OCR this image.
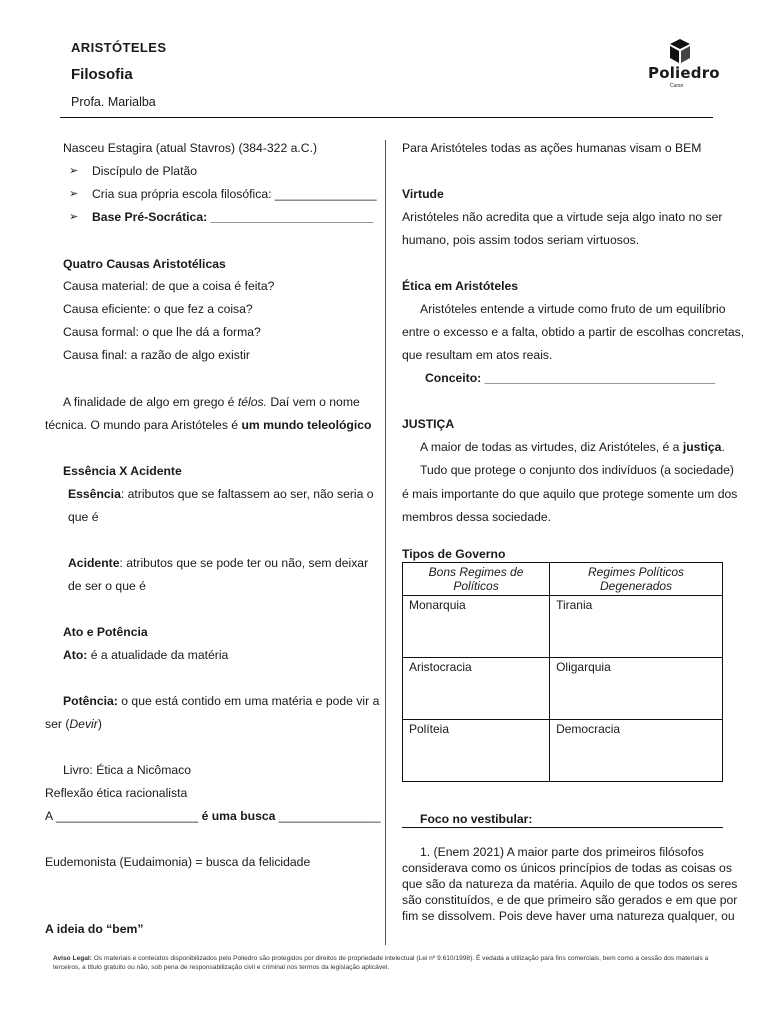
ARISTÓTELES
Filosofia
Profa. Marialba
Poliedro
Curso
Nasceu Estagira (atual Stavros) (384-322 a.C.)
➢ Discípulo de Platão
➢ Cria sua própria escola filosófica: _______________
➢ Base Pré-Socrática: ________________________
Quatro Causas Aristotélicas
Causa material: de que a coisa é feita?
Causa eficiente: o que fez a coisa?
Causa formal: o que lhe dá a forma?
Causa final: a razão de algo existir
A finalidade de algo em grego é télos. Daí vem o nome
técnica. O mundo para Aristóteles é um mundo teleológico
Essência X Acidente
Essência: atributos que se faltassem ao ser, não seria o
que é
Acidente: atributos que se pode ter ou não, sem deixar
de ser o que é
Ato e Potência
Ato: é a atualidade da matéria
Potência: o que está contido em uma matéria e pode vir a
ser (Devir)
Livro: Ética a Nicômaco
Reflexão ética racionalista
A _____________________ é uma busca _______________
Eudemonista (Eudaimonia) = busca da felicidade
A ideia do “bem”
Para Aristóteles todas as ações humanas visam o BEM
Virtude
Aristóteles não acredita que a virtude seja algo inato no ser
humano, pois assim todos seriam virtuosos.
Ética em Aristóteles
Aristóteles entende a virtude como fruto de um equilíbrio
entre o excesso e a falta, obtido a partir de escolhas concretas,
que resultam em atos reais.
Conceito: __________________________________
JUSTIÇA
A maior de todas as virtudes, diz Aristóteles, é a justiça.
Tudo que protege o conjunto dos indivíduos (a sociedade)
é mais importante do que aquilo que protege somente um dos
membros dessa sociedade.
Tipos de Governo
Bons Regimes de Políticos	Regimes Políticos Degenerados
Monarquia	Tirania
Aristocracia	Oligarquia
Políteia	Democracia
Foco no vestibular:
1. (Enem 2021) A maior parte dos primeiros filósofos
considerava como os únicos princípios de todas as coisas os
que são da natureza da matéria. Aquilo de que todos os seres
são constituídos, e de que primeiro são gerados e em que por
fim se dissolvem. Pois deve haver uma natureza qualquer, ou
Aviso Legal: Os materiais e conteúdos disponibilizados pelo Poliedro são protegidos por direitos de propriedade intelectual (Lei nº 9.610/1998). É vedada a utilização para fins comerciais, bem como a cessão dos materiais a terceiros, a título gratuito ou não, sob pena de responsabilização civil e criminal nos termos da legislação aplicável.
